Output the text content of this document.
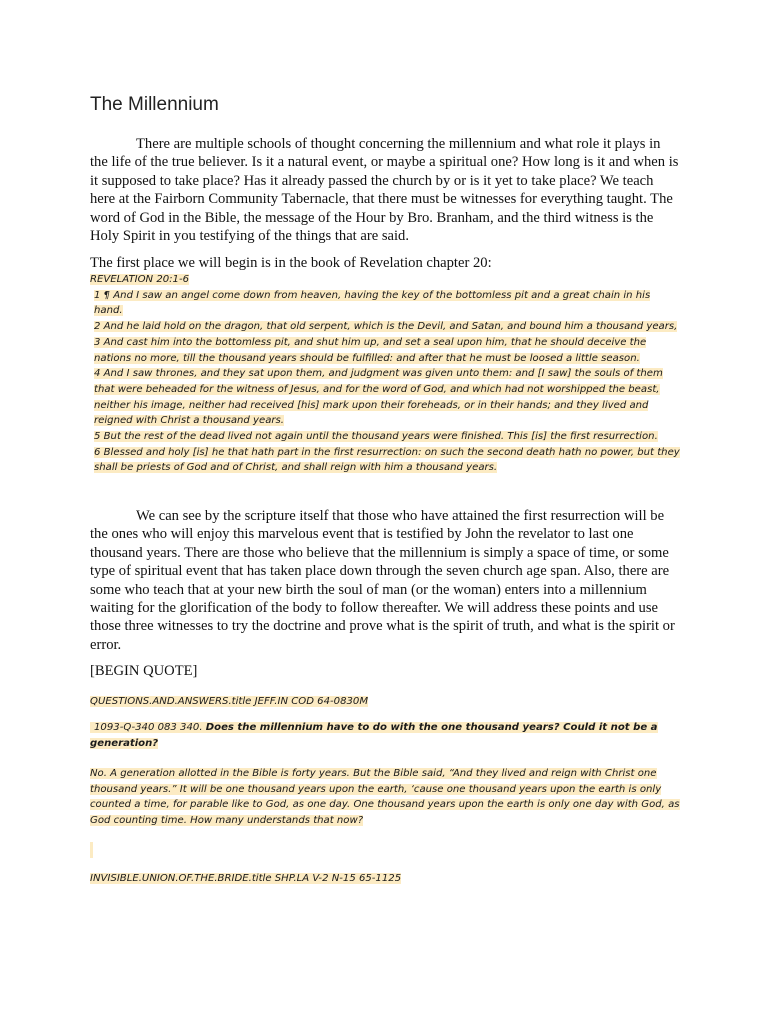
The Millennium
There are multiple schools of thought concerning the millennium and what role it plays in the life of the true believer. Is it a natural event, or maybe a spiritual one? How long is it and when is it supposed to take place? Has it already passed the church by or is it yet to take place? We teach here at the Fairborn Community Tabernacle, that there must be witnesses for everything taught. The word of God in the Bible, the message of the Hour by Bro. Branham, and the third witness is the Holy Spirit in you testifying of the things that are said.
The first place we will begin is in the book of Revelation chapter 20:
REVELATION 20:1-6
1 ¶ And I saw an angel come down from heaven, having the key of the bottomless pit and a great chain in his hand.
2 And he laid hold on the dragon, that old serpent, which is the Devil, and Satan, and bound him a thousand years,
3 And cast him into the bottomless pit, and shut him up, and set a seal upon him, that he should deceive the nations no more, till the thousand years should be fulfilled: and after that he must be loosed a little season.
4 And I saw thrones, and they sat upon them, and judgment was given unto them: and [I saw] the souls of them that were beheaded for the witness of Jesus, and for the word of God, and which had not worshipped the beast, neither his image, neither had received [his] mark upon their foreheads, or in their hands; and they lived and reigned with Christ a thousand years.
5 But the rest of the dead lived not again until the thousand years were finished. This [is] the first resurrection.
6 Blessed and holy [is] he that hath part in the first resurrection: on such the second death hath no power, but they shall be priests of God and of Christ, and shall reign with him a thousand years.
We can see by the scripture itself that those who have attained the first resurrection will be the ones who will enjoy this marvelous event that is testified by John the revelator to last one thousand years. There are those who believe that the millennium is simply a space of time, or some type of spiritual event that has taken place down through the seven church age span. Also, there are some who teach that at your new birth the soul of man (or the woman) enters into a millennium waiting for the glorification of the body to follow thereafter. We will address these points and use those three witnesses to try the doctrine and prove what is the spirit of truth, and what is the spirit or error.
[BEGIN QUOTE]
QUESTIONS.AND.ANSWERS.title JEFF.IN COD 64-0830M
1093-Q-340 083 340. Does the millennium have to do with the one thousand years? Could it not be a generation?
No. A generation allotted in the Bible is forty years. But the Bible said, “And they lived and reign with Christ one thousand years.” It will be one thousand years upon the earth, ‘cause one thousand years upon the earth is only counted a time, for parable like to God, as one day. One thousand years upon the earth is only one day with God, as God counting time. How many understands that now?
INVISIBLE.UNION.OF.THE.BRIDE.title SHP.LA V-2 N-15 65-1125
